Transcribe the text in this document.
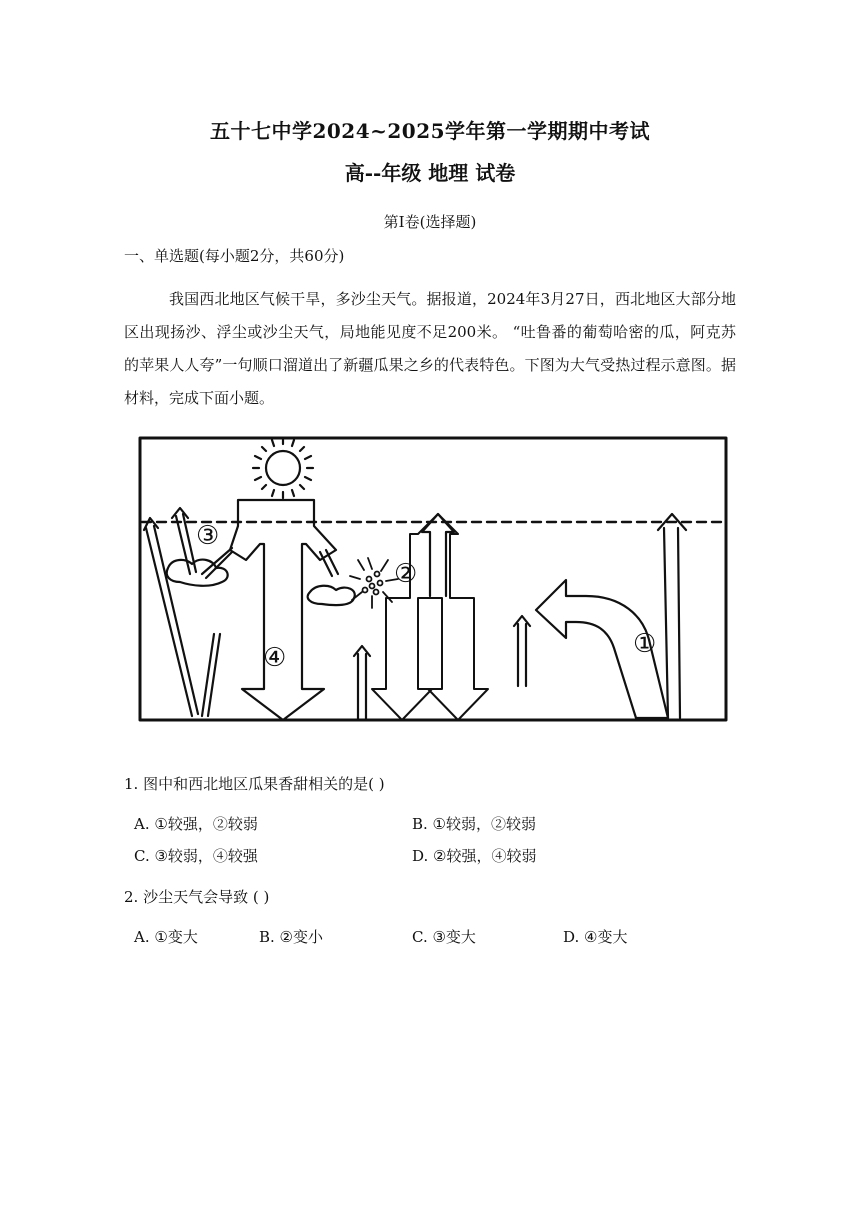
五十七中学2024~2025学年第一学期期中考试
高--年级 地理 试卷
第Ⅰ卷(选择题)
一、单选题(每小题2分，共60分)
我国西北地区气候干旱，多沙尘天气。据报道，2024年3月27日，西北地区大部分地
区出现扬沙、浮尘或沙尘天气，局地能见度不足200米。 “吐鲁番的葡萄哈密的瓜，阿克苏
的苹果人人夸”一句顺口溜道出了新疆瓜果之乡的代表特色。下图为大气受热过程示意图。据
材料，完成下面小题。
③
②
④	①
1. 图中和西北地区瓜果香甜相关的是( )
A. ①较强，②较弱	B. ①较弱，②较弱
C. ③较弱，④较强	D. ②较强，④较弱
2. 沙尘天气会导致 ( )
A. ①变大	B. ②变小	C. ③变大	D. ④变大
